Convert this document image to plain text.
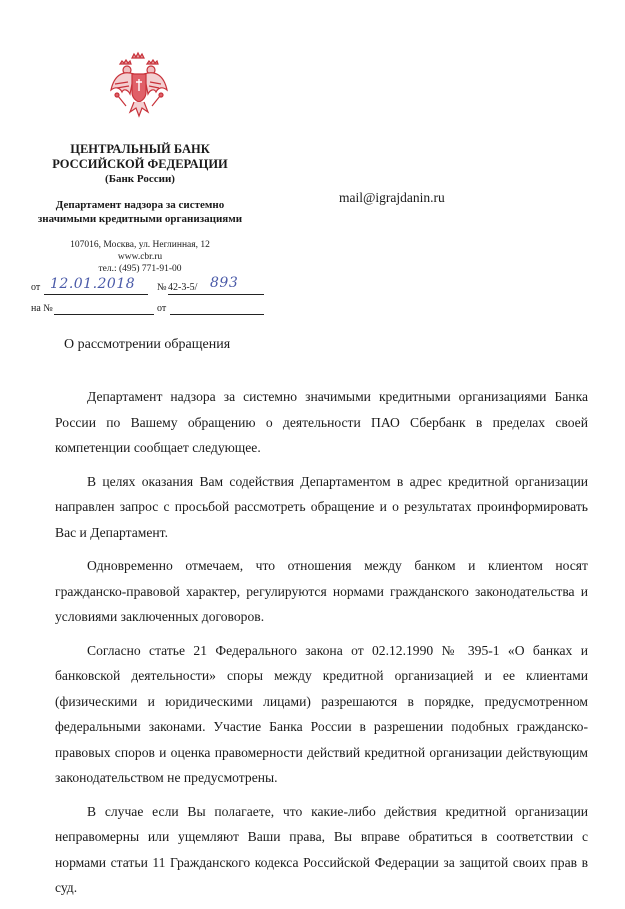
ЦЕНТРАЛЬНЫЙ БАНК
РОССИЙСКОЙ ФЕДЕРАЦИИ
(Банк России)
Департамент надзора за системно
значимыми кредитными организациями
107016, Москва, ул. Неглинная, 12
www.cbr.ru
тел.: (495) 771-91-00
mail@igrajdanin.ru
от 12.01.2018 № 42-3-5/ 893
на №	от
О рассмотрении обращения

Департамент надзора за системно значимыми кредитными организациями Банка России по Вашему обращению о деятельности ПАО Сбербанк в пределах своей компетенции сообщает следующее.

В целях оказания Вам содействия Департаментом в адрес кредитной организации направлен запрос с просьбой рассмотреть обращение и о результатах проинформировать Вас и Департамент.

Одновременно отмечаем, что отношения между банком и клиентом носят гражданско-правовой характер, регулируются нормами гражданского законодательства и условиями заключенных договоров.

Согласно статье 21 Федерального закона от 02.12.1990 № 395-1 «О банках и банковской деятельности» споры между кредитной организацией и ее клиентами (физическими и юридическими лицами) разрешаются в порядке, предусмотренном федеральными законами. Участие Банка России в разрешении подобных гражданско-правовых споров и оценка правомерности действий кредитной организации действующим законодательством не предусмотрены.

В случае если Вы полагаете, что какие-либо действия кредитной организации неправомерны или ущемляют Ваши права, Вы вправе обратиться в соответствии с нормами статьи 11 Гражданского кодекса Российской Федерации за защитой своих прав в суд.
